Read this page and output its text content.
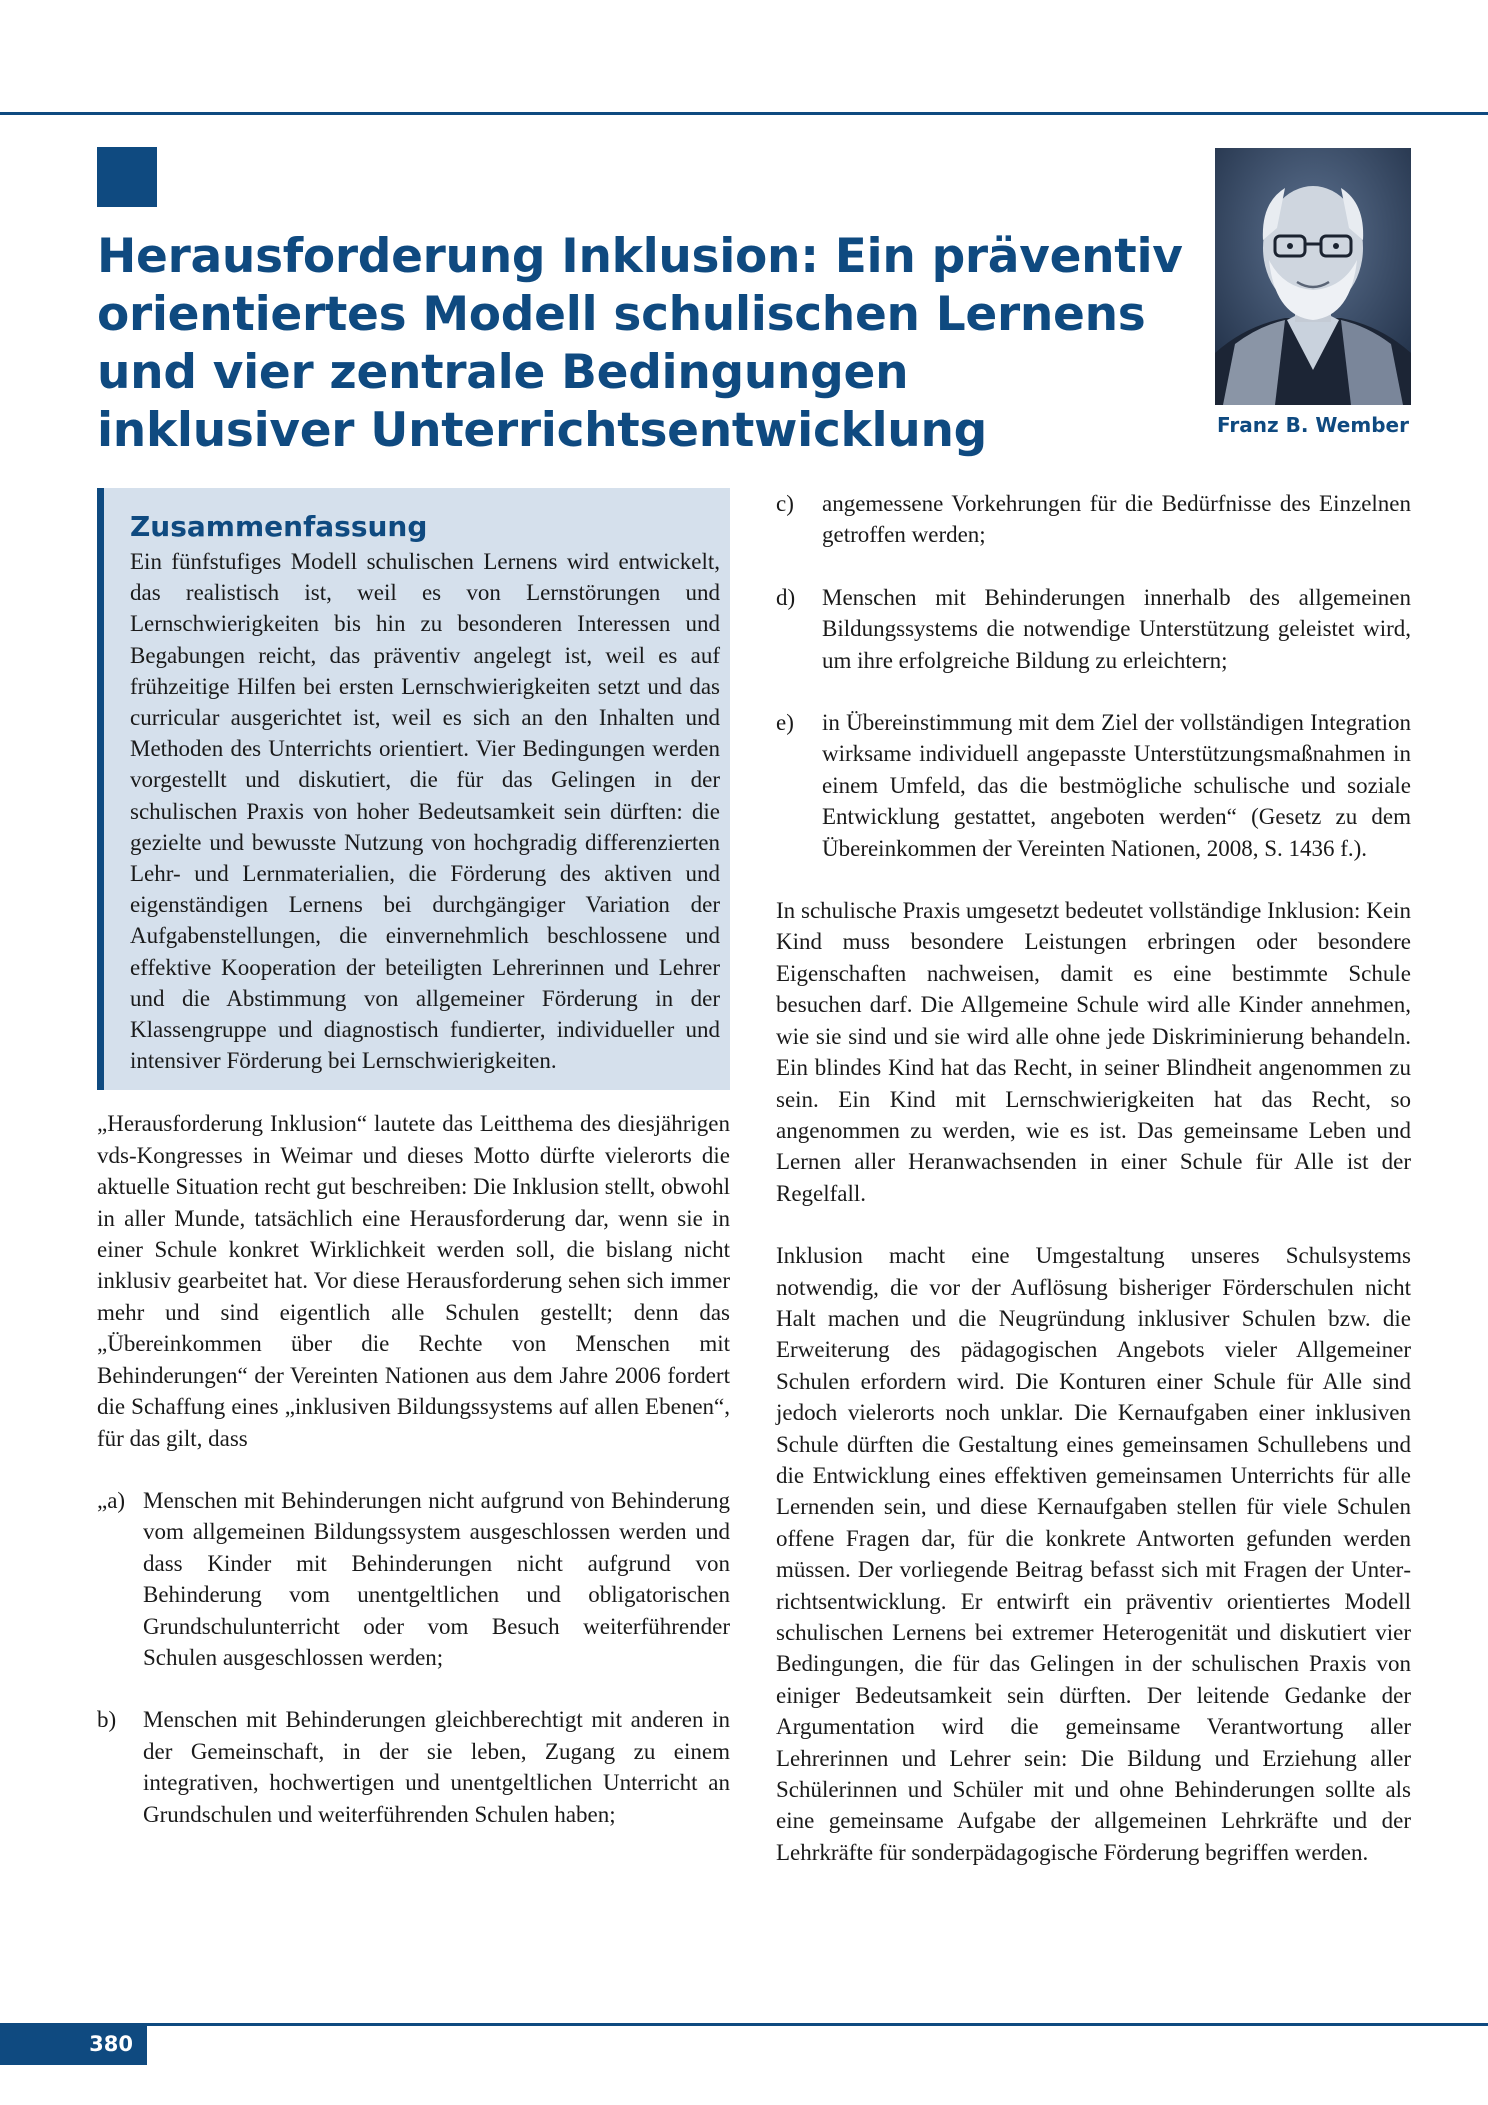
Herausforderung Inklusion: Ein präventiv
orientiertes Modell schulischen Lernens
und vier zentrale Bedingungen
inklusiver Unterrichtsentwicklung	Franz B. Wember
Zusammenfassung

Ein fünfstufiges Modell schulischen Lernens wird entwickelt, das realistisch ist, weil es von Lernstörungen und Lernschwierigkeiten bis hin zu besonderen Interessen und Begabungen reicht, das präventiv angelegt ist, weil es auf frühzeitige Hilfen bei ersten Lernschwierigkeiten setzt und das curricular ausgerichtet ist, weil es sich an den Inhalten und Methoden des Unterrichts orientiert. Vier Bedingungen werden vorgestellt und diskutiert, die für das Gelingen in der schulischen Praxis von hoher Bedeutsamkeit sein dürften: die gezielte und bewusste Nutzung von hochgradig differenzierten Lehr- und Lernmaterialien, die Förderung des aktiven und eigenständigen Lernens bei durchgängiger Variation der Aufgabenstellungen, die einvernehmlich beschlossene und effektive Kooperation der beteiligten Lehrerinnen und Lehrer und die Abstimmung von allgemeiner Förderung in der Klassengruppe und diagnostisch fundierter, individueller und intensiver Förderung bei Lernschwierigkeiten.

„Herausforderung Inklusion“ lautete das Leitthema des diesjährigen vds-Kongresses in Weimar und dieses Motto dürfte vielerorts die aktuelle Situation recht gut beschreiben: Die Inklusion stellt, obwohl in aller Munde, tatsächlich eine Herausforderung dar, wenn sie in einer Schule konkret Wirklichkeit werden soll, die bislang nicht inklusiv gearbeitet hat. Vor diese Herausforderung sehen sich immer mehr und sind eigentlich alle Schulen gestellt; denn das „Übereinkommen über die Rechte von Menschen mit Behinderungen“ der Vereinten Nationen aus dem Jahre 2006 fordert die Schaffung eines „inklusiven Bildungssystems auf allen Ebenen“, für das gilt, dass

„a) Menschen mit Behinderungen nicht aufgrund von Behinderung vom allgemeinen Bildungssystem ausgeschlossen werden und dass Kinder mit Behinderungen nicht aufgrund von Behinderung vom unentgeltlichen und obligatorischen Grundschulunterricht oder vom Besuch weiterführender Schulen ausgeschlossen werden;
b)	Menschen mit Behinderungen gleichberechtigt mit anderen in der Gemeinschaft, in der sie leben, Zugang zu einem integrativen, hochwertigen und unentgeltlichen Unterricht an Grundschulen und weiterführenden Schulen haben;
c)	angemessene Vorkehrungen für die Bedürfnisse des Einzelnen getroffen werden;
d)	Menschen mit Behinderungen innerhalb des allgemeinen Bildungssystems die notwendige Unterstützung geleistet wird, um ihre erfolgreiche Bildung zu erleichtern;
e)	in Übereinstimmung mit dem Ziel der vollständigen Integration wirksame individuell angepasste Unterstützungsmaßnahmen in einem Umfeld, das die bestmögliche schulische und soziale Entwicklung gestattet, angeboten werden“ (Gesetz zu dem Übereinkommen der Vereinten Nationen, 2008, S. 1436 f.).

In schulische Praxis umgesetzt bedeutet vollständige Inklusion: Kein Kind muss besondere Leistungen erbringen oder besondere Eigenschaften nachweisen, damit es eine bestimmte Schule besuchen darf. Die Allgemeine Schule wird alle Kinder annehmen, wie sie sind und sie wird alle ohne jede Diskriminierung behandeln. Ein blindes Kind hat das Recht, in seiner Blindheit angenommen zu sein. Ein Kind mit Lernschwierigkeiten hat das Recht, so angenommen zu werden, wie es ist. Das gemeinsame Leben und Lernen aller Heranwachsenden in einer Schule für Alle ist der Regelfall.

Inklusion macht eine Umgestaltung unseres Schulsystems notwendig, die vor der Auflösung bisheriger Förderschulen nicht Halt machen und die Neugründung inklusiver Schulen bzw. die Erweiterung des pädagogischen Angebots vieler Allgemeiner Schulen erfordern wird. Die Konturen einer Schule für Alle sind jedoch vielerorts noch unklar. Die Kernaufgaben einer inklusiven Schule dürften die Gestaltung eines gemeinsamen Schullebens und die Entwicklung eines effektiven gemeinsamen Unterrichts für alle Lernenden sein, und diese Kernaufgaben stellen für viele Schulen offene Fragen dar, für die konkrete Antworten gefunden werden müssen. Der vorliegende Beitrag befasst sich mit Fragen der Unterrichtsentwicklung. Er entwirft ein präventiv orientiertes Modell schulischen Lernens bei extremer Heterogenität und diskutiert vier Bedingungen, die für das Gelingen in der schulischen Praxis von einiger Bedeutsamkeit sein dürften. Der leitende Gedanke der Argumentation wird die gemeinsame Verantwortung aller Lehrerinnen und Lehrer sein: Die Bildung und Erziehung aller Schülerinnen und Schüler mit und ohne Behinderungen sollte als eine gemeinsame Aufgabe der allgemeinen Lehrkräfte und der Lehrkräfte für sonderpädagogische Förderung begriffen werden.

380
